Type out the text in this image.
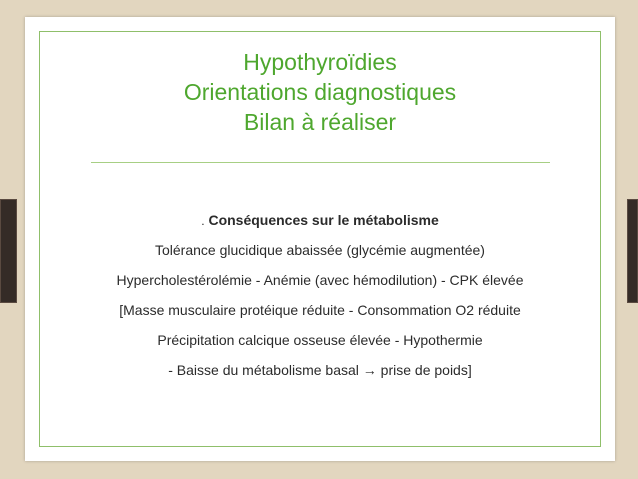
Hypothyroïdies
Orientations diagnostiques
Bilan à réaliser
. Conséquences sur le métabolisme
Tolérance glucidique abaissée (glycémie augmentée)
Hypercholestérolémie - Anémie (avec hémodilution) - CPK élevée
[Masse musculaire protéique réduite - Consommation O2 réduite
Précipitation calcique osseuse élevée - Hypothermie
- Baisse du métabolisme basal → prise de poids]
